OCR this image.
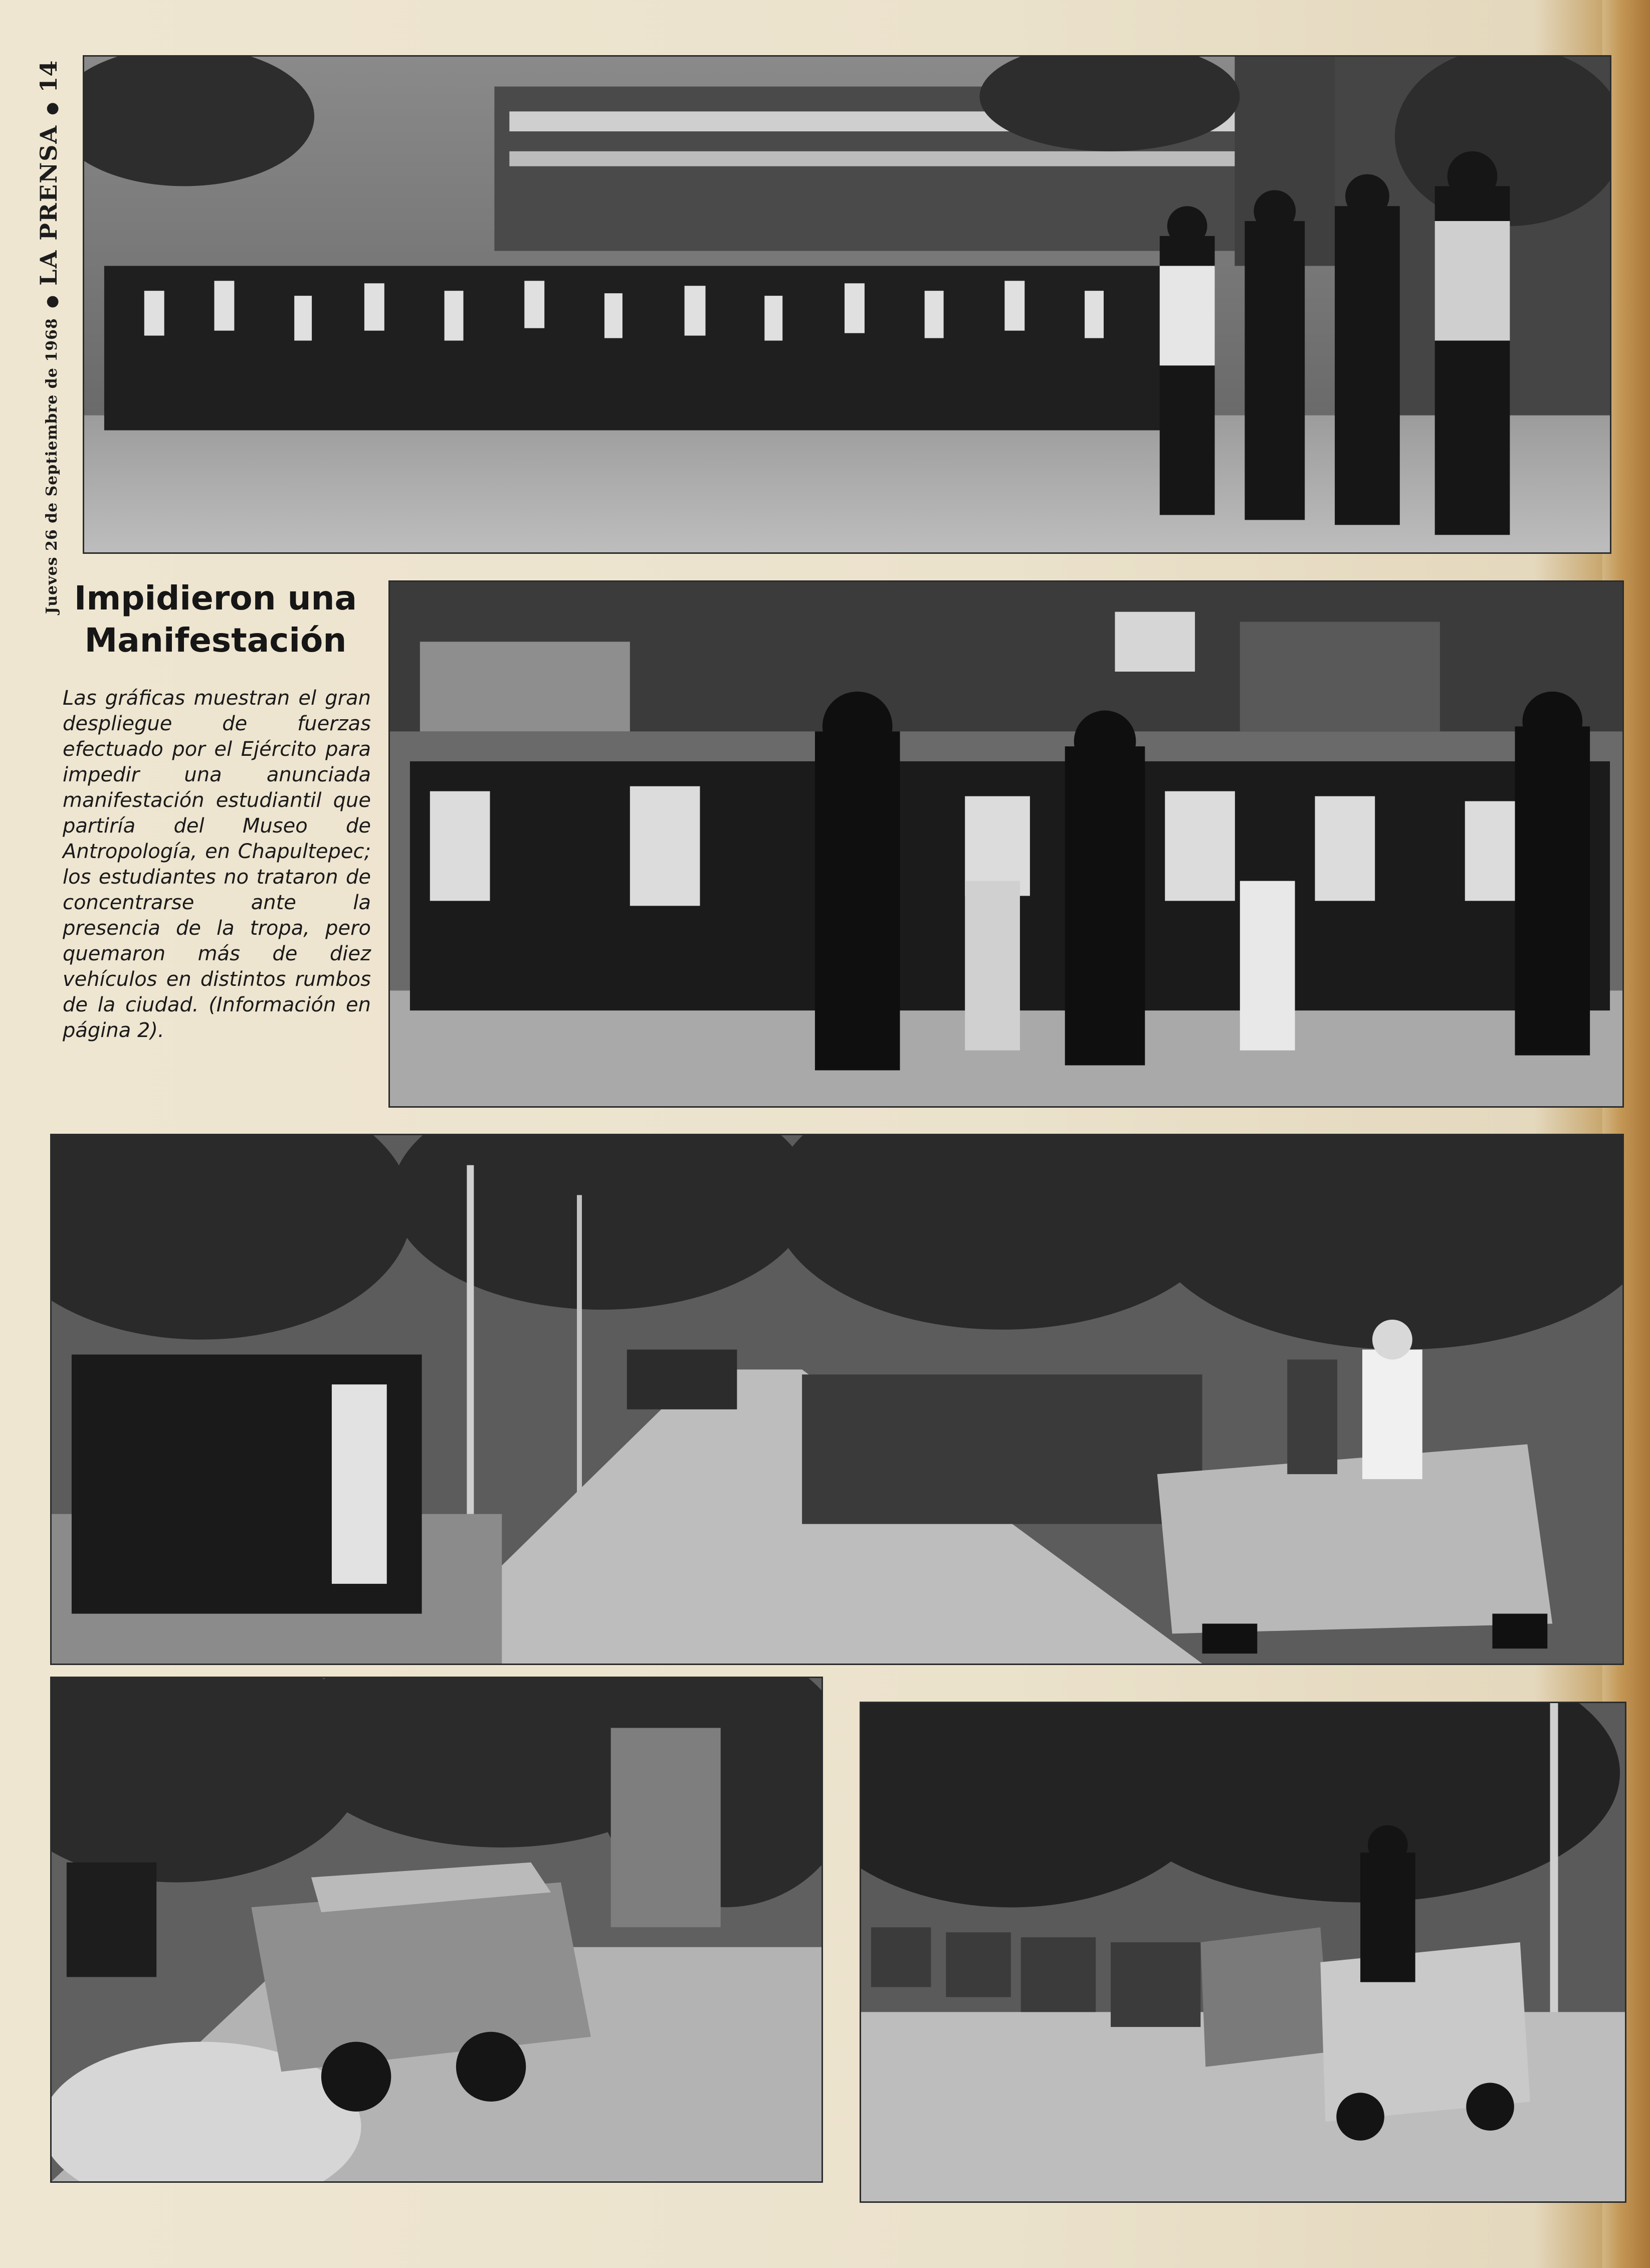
Jueves 26 de Septiembre de 1968 ● LA PRENSA ● 14
Impidieron una
Manifestación
Las gráficas muestran el gran despliegue de fuerzas efectuado por el Ejército para impedir una anunciada manifestación estudiantil que partiría del Museo de Antropología, en Chapultepec; los estudiantes no trataron de concentrarse ante la presencia de la tropa, pero quemaron más de diez vehículos en distintos rumbos de la ciudad. (Información en página 2).
